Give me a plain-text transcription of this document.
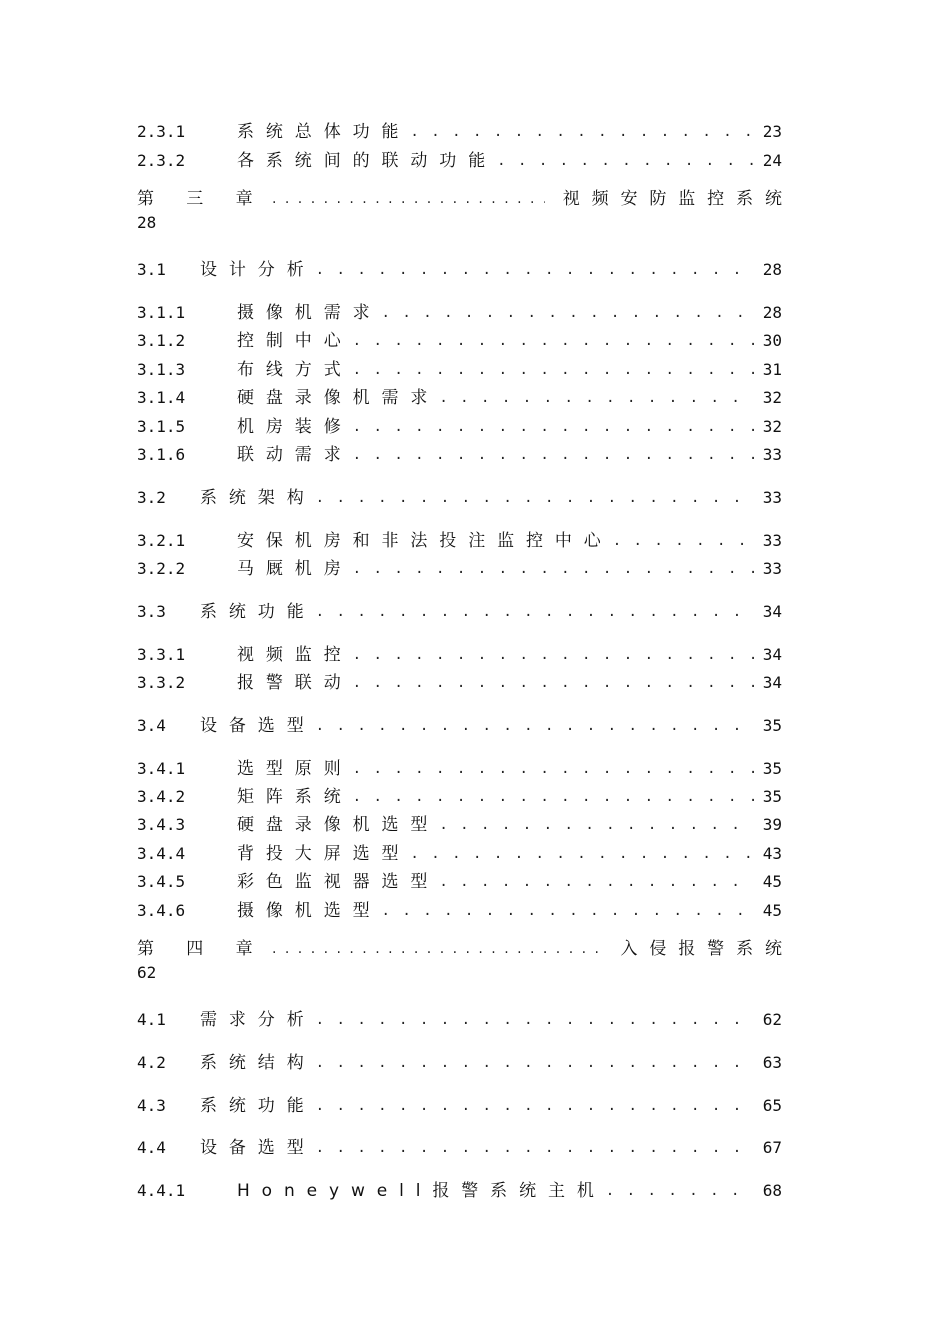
2.3.1	系统总体功能 . . .	23
2.3.2	各系统间的联动功能 . . .	24
第三章 . . .	视频安防监控系统
28
3.1	设计分析 . . .	28
3.1.1	摄像机需求 . . .	28
3.1.2	控制中心 . . .	30
3.1.3	布线方式 . . .	31
3.1.4	硬盘录像机需求 . . .	32
3.1.5	机房装修 . . .	32
3.1.6	联动需求 . . .	33
3.2	系统架构 . . .	33
3.2.1	安保机房和非法投注监控中心 . . .	33
3.2.2	马厩机房 . . .	33
3.3	系统功能 . . .	34
3.3.1	视频监控 . . .	34
3.3.2	报警联动 . . .	34
3.4	设备选型 . . .	35
3.4.1	选型原则 . . .	35
3.4.2	矩阵系统 . . .	35
3.4.3	硬盘录像机选型 . . .	39
3.4.4	背投大屏选型 . . .	43
3.4.5	彩色监视器选型 . . .	45
3.4.6	摄像机选型 . . .	45
第四章 . . .	入侵报警系统
62
4.1	需求分析 . . .	62
4.2	系统结构 . . .	63
4.3	系统功能 . . .	65
4.4	设备选型 . . .	67
4.4.1	Honeywell报警系统主机 . . .	68
